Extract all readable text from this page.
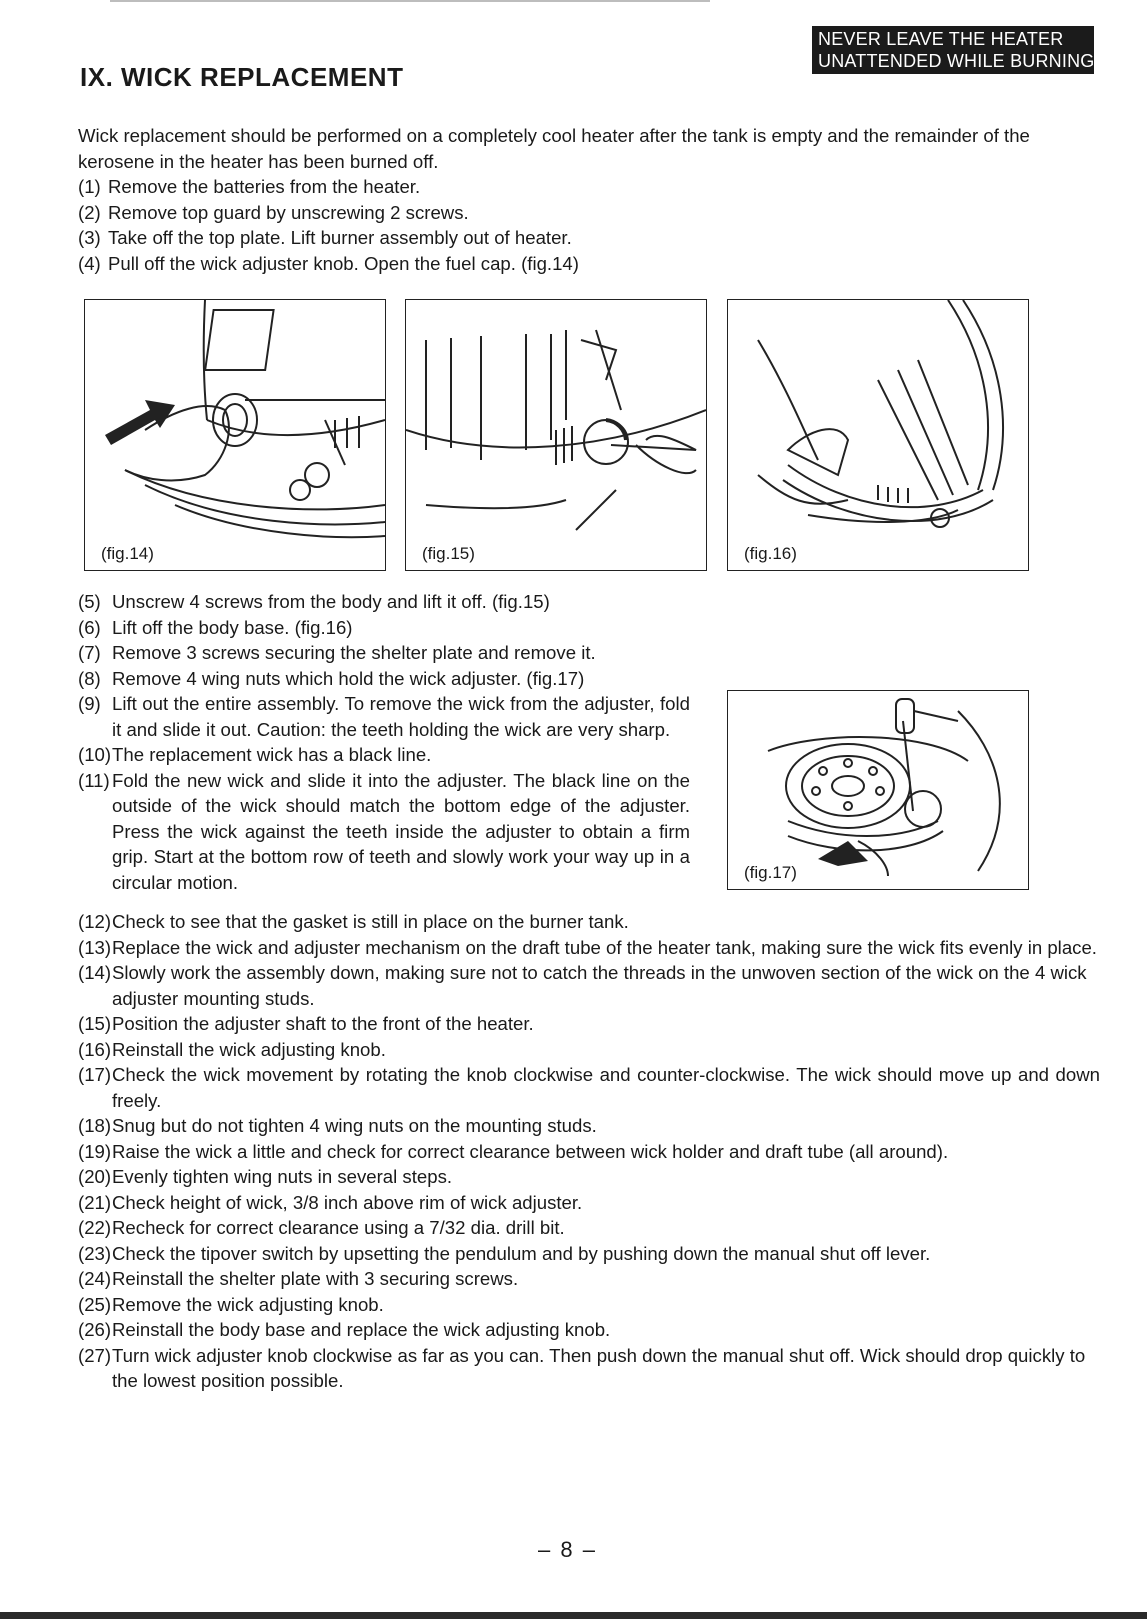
NEVER LEAVE THE HEATER
UNATTENDED WHILE BURNING!
IX. WICK REPLACEMENT
Wick replacement should be performed on a completely cool heater after the tank is empty and the remainder of the kerosene in the heater has been burned off.
(1) Remove the batteries from the heater.
(2) Remove top guard by unscrewing 2 screws.
(3) Take off the top plate. Lift burner assembly out of heater.
(4) Pull off the wick adjuster knob. Open the fuel cap. (fig.14)
(fig.14)	(fig.15)	(fig.16)
(5) Unscrew 4 screws from the body and lift it off. (fig.15)
(6) Lift off the body base. (fig.16)
(7) Remove 3 screws securing the shelter plate and remove it.
(8) Remove 4 wing nuts which hold the wick adjuster. (fig.17)
(9) Lift out the entire assembly. To remove the wick from the adjuster, fold it and slide it out. Caution: the teeth holding the wick are very sharp.
(10) The replacement wick has a black line.
(11) Fold the new wick and slide it into the adjuster. The black line on the outside of the wick should match the bottom edge of the adjuster. Press the wick against the teeth inside the adjuster to obtain a firm grip. Start at the bottom row of teeth and slowly work your way up in a circular motion.	(fig.17)
(12) Check to see that the gasket is still in place on the burner tank.
(13) Replace the wick and adjuster mechanism on the draft tube of the heater tank, making sure the wick fits evenly in place.
(14) Slowly work the assembly down, making sure not to catch the threads in the unwoven section of the wick on the 4 wick adjuster mounting studs.
(15) Position the adjuster shaft to the front of the heater.
(16) Reinstall the wick adjusting knob.
(17) Check the wick movement by rotating the knob clockwise and counter-clockwise. The wick should move up and down freely.
(18) Snug but do not tighten 4 wing nuts on the mounting studs.
(19) Raise the wick a little and check for correct clearance between wick holder and draft tube (all around).
(20) Evenly tighten wing nuts in several steps.
(21) Check height of wick, 3/8 inch above rim of wick adjuster.
(22) Recheck for correct clearance using a 7/32 dia. drill bit.
(23) Check the tipover switch by upsetting the pendulum and by pushing down the manual shut off lever.
(24) Reinstall the shelter plate with 3 securing screws.
(25) Remove the wick adjusting knob.
(26) Reinstall the body base and replace the wick adjusting knob.
(27) Turn wick adjuster knob clockwise as far as you can. Then push down the manual shut off. Wick should drop quickly to the lowest position possible.
– 8 –
